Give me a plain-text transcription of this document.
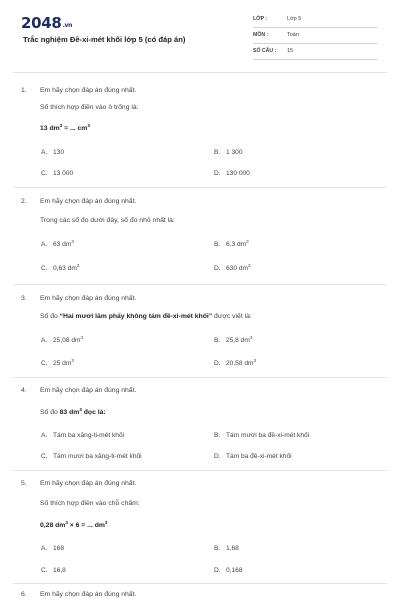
2048.vn
Trắc nghiệm Đề-xi-mét khối lớp 5 (có đáp án)
LỚP :	Lớp 5
MÔN :	Toán
SỐ CÂU : 15
1. Em hãy chọn đáp án đúng nhất.
Số thích hợp điền vào ô trống là:
13 $dm^3$ = ... $cm^3$
A. 130	B. 1 300
C. 13 000	D. 130 000
2. Em hãy chọn đáp án đúng nhất.
Trong các số đo dưới đây, số đo nhỏ nhất là:
A. 63 $dm^3$	B. 6,3 $dm^3$
C. 0,63 $dm^3$	D. 630 $dm^3$
3. Em hãy chọn đáp án đúng nhất.
Số đo “Hai mươi lăm phẩy không tám đề-xi-mét khối” được viết là:
A. 25,08 $dm^3$	B. 25,8 $dm^3$
C. 25 $dm^3$	D. 20,58 $dm^3$
4. Em hãy chọn đáp án đúng nhất.
Số đo 83 $dm^3$ đọc là:
A. Tám ba xăng-ti-mét khối	B. Tám mươi ba đề-xi-mét khối
C. Tám mươi ba xăng-ti-mét khối	D. Tám ba đề-xi-mét khối
5. Em hãy chọn đáp án đúng nhất.
Số thích hợp điền vào chỗ chấm:
0,28 $dm^3 \times 6$ = ... $dm^3$
A. 168	B. 1,68
C. 16,8	D. 0,168
6. Em hãy chọn đáp án đúng nhất.
